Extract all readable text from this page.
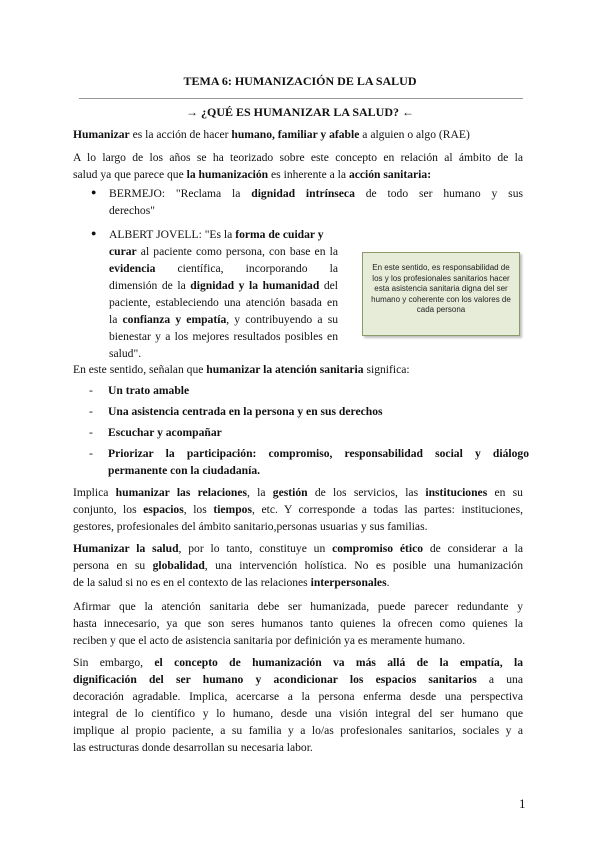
TEMA 6: HUMANIZACIÓN DE LA SALUD
→ ¿QUÉ ES HUMANIZAR LA SALUD? ←
Humanizar es la acción de hacer humano, familiar y afable a alguien o algo (RAE)
A lo largo de los años se ha teorizado sobre este concepto en relación al ámbito de la
salud ya que parece que la humanización es inherente a la acción sanitaria:
● BERMEJO: "Reclama la dignidad intrínseca de todo ser humano y sus
derechos"
● ALBERT JOVELL: "Es la forma de cuidar y
curar al paciente como persona, con base en la
evidencia científica, incorporando la
dimensión de la dignidad y la humanidad del
paciente, estableciendo una atención basada en
la confianza y empatía, y contribuyendo a su
bienestar y a los mejores resultados posibles en
salud".
En este sentido, es responsabilidad de los y los profesionales sanitarios hacer esta asistencia sanitaria digna del ser humano y coherente con los valores de cada persona
En este sentido, señalan que humanizar la atención sanitaria significa:
- Un trato amable
- Una asistencia centrada en la persona y en sus derechos
- Escuchar y acompañar
- Priorizar la participación: compromiso, responsabilidad social y diálogo
permanente con la ciudadanía.
Implica humanizar las relaciones, la gestión de los servicios, las instituciones en su
conjunto, los espacios, los tiempos, etc. Y corresponde a todas las partes: instituciones,
gestores, profesionales del ámbito sanitario,personas usuarias y sus familias.
Humanizar la salud, por lo tanto, constituye un compromiso ético de considerar a la
persona en su globalidad, una intervención holística. No es posible una humanización
de la salud si no es en el contexto de las relaciones interpersonales.
Afirmar que la atención sanitaria debe ser humanizada, puede parecer redundante y
hasta innecesario, ya que son seres humanos tanto quienes la ofrecen como quienes la
reciben y que el acto de asistencia sanitaria por definición ya es meramente humano.
Sin embargo, el concepto de humanización va más allá de la empatía, la
dignificación del ser humano y acondicionar los espacios sanitarios a una
decoración agradable. Implica, acercarse a la persona enferma desde una perspectiva
integral de lo científico y lo humano, desde una visión integral del ser humano que
implique al propio paciente, a su familia y a lo/as profesionales sanitarios, sociales y a
las estructuras donde desarrollan su necesaria labor.
1
